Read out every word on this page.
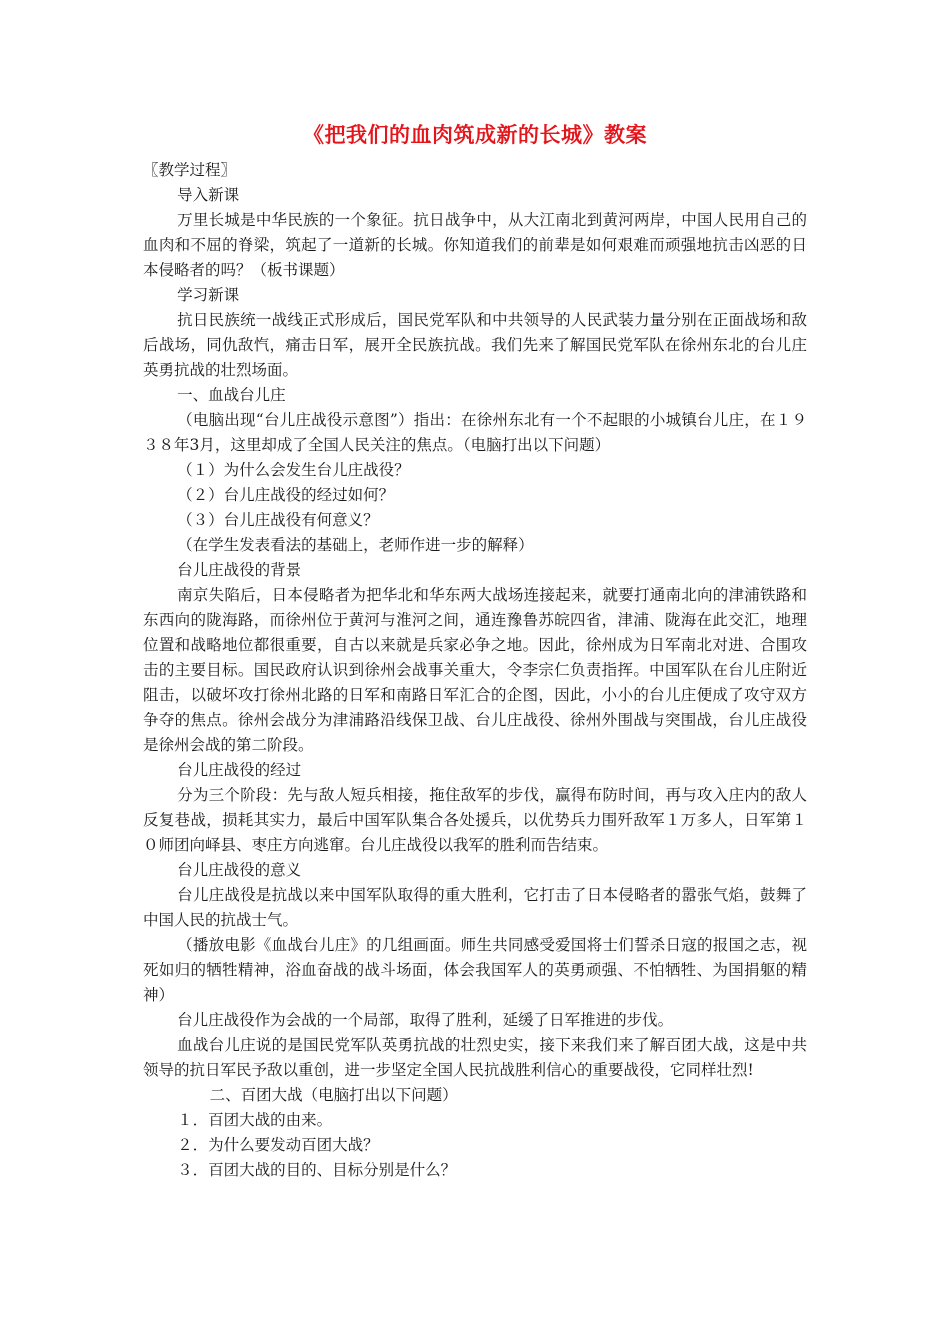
《把我们的血肉筑成新的长城》教案

〖教学过程〗

导入新课

万里长城是中华民族的一个象征。抗日战争中，从大江南北到黄河两岸，中国人民用自己的血肉和不屈的脊梁，筑起了一道新的长城。你知道我们的前辈是如何艰难而顽强地抗击凶恶的日本侵略者的吗？（板书课题）

学习新课

抗日民族统一战线正式形成后，国民党军队和中共领导的人民武装力量分别在正面战场和敌后战场，同仇敌忾，痛击日军，展开全民族抗战。我们先来了解国民党军队在徐州东北的台儿庄英勇抗战的壮烈场面。

一、血战台儿庄

（电脑出现“台儿庄战役示意图”）指出：在徐州东北有一个不起眼的小城镇台儿庄，在１９３８年3月，这里却成了全国人民关注的焦点。（电脑打出以下问题）

（１）为什么会发生台儿庄战役？

（２）台儿庄战役的经过如何？

（３）台儿庄战役有何意义？

（在学生发表看法的基础上，老师作进一步的解释）

台儿庄战役的背景

南京失陷后，日本侵略者为把华北和华东两大战场连接起来，就要打通南北向的津浦铁路和东西向的陇海路，而徐州位于黄河与淮河之间，通连豫鲁苏皖四省，津浦、陇海在此交汇，地理位置和战略地位都很重要，自古以来就是兵家必争之地。因此，徐州成为日军南北对进、合围攻击的主要目标。国民政府认识到徐州会战事关重大，令李宗仁负责指挥。中国军队在台儿庄附近阻击，以破坏攻打徐州北路的日军和南路日军汇合的企图，因此，小小的台儿庄便成了攻守双方争夺的焦点。徐州会战分为津浦路沿线保卫战、台儿庄战役、徐州外围战与突围战，台儿庄战役是徐州会战的第二阶段。

台儿庄战役的经过

分为三个阶段：先与敌人短兵相接，拖住敌军的步伐，赢得布防时间，再与攻入庄内的敌人反复巷战，损耗其实力，最后中国军队集合各处援兵，以优势兵力围歼敌军１万多人，日军第１０师团向峄县、枣庄方向逃窜。台儿庄战役以我军的胜利而告结束。

台儿庄战役的意义

台儿庄战役是抗战以来中国军队取得的重大胜利，它打击了日本侵略者的嚣张气焰，鼓舞了中国人民的抗战士气。

（播放电影《血战台儿庄》的几组画面。师生共同感受爱国将士们誓杀日寇的报国之志，视死如归的牺牲精神，浴血奋战的战斗场面，体会我国军人的英勇顽强、不怕牺牲、为国捐躯的精神）

台儿庄战役作为会战的一个局部，取得了胜利，延缓了日军推进的步伐。

血战台儿庄说的是国民党军队英勇抗战的壮烈史实，接下来我们来了解百团大战，这是中共领导的抗日军民予敌以重创，进一步坚定全国人民抗战胜利信心的重要战役，它同样壮烈!

二、百团大战（电脑打出以下问题）

１．百团大战的由来。

２．为什么要发动百团大战？

３．百团大战的目的、目标分别是什么？
